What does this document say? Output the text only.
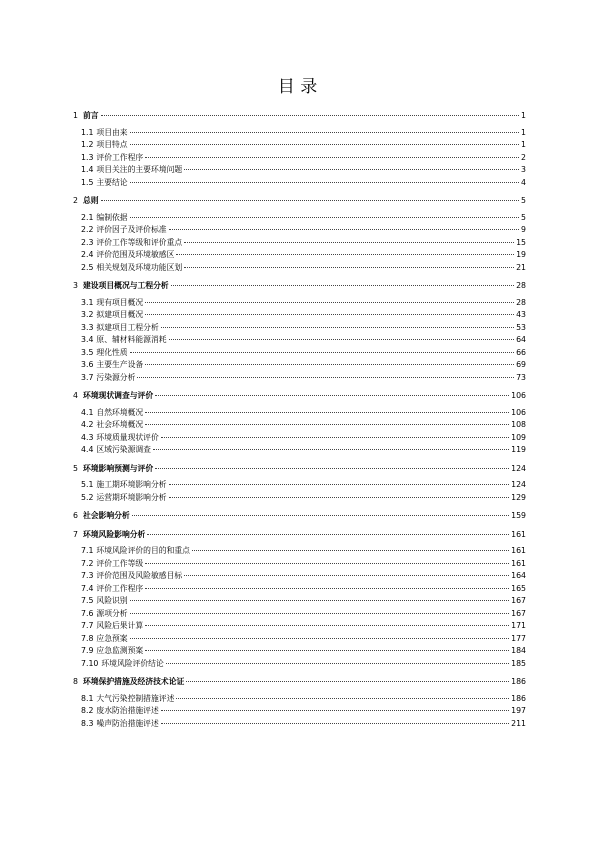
目 录
1 前言	1
1.1 项目由来	1
1.2 项目特点	1
1.3 评价工作程序	2
1.4 项目关注的主要环境问题	3
1.5 主要结论	4
2 总则	5
2.1 编制依据	5
2.2 评价因子及评价标准	9
2.3 评价工作等级和评价重点	15
2.4 评价范围及环境敏感区	19
2.5 相关规划及环境功能区划	21
3 建设项目概况与工程分析	28
3.1 现有项目概况	28
3.2 拟建项目概况	43
3.3 拟建项目工程分析	53
3.4 原、辅材料能源消耗	64
3.5 理化性质	66
3.6 主要生产设备	69
3.7 污染源分析	73
4 环境现状调查与评价	106
4.1 自然环境概况	106
4.2 社会环境概况	108
4.3 环境质量现状评价	109
4.4 区域污染源调查	119
5 环境影响预测与评价	124
5.1 施工期环境影响分析	124
5.2 运营期环境影响分析	129
6 社会影响分析	159
7 环境风险影响分析	161
7.1 环境风险评价的目的和重点	161
7.2 评价工作等级	161
7.3 评价范围及风险敏感目标	164
7.4 评价工作程序	165
7.5 风险识别	167
7.6 源项分析	167
7.7 风险后果计算	171
7.8 应急预案	177
7.9 应急监测预案	184
7.10 环境风险评价结论	185
8 环境保护措施及经济技术论证	186
8.1 大气污染控制措施评述	186
8.2 废水防治措施评述	197
8.3 噪声防治措施评述	211
